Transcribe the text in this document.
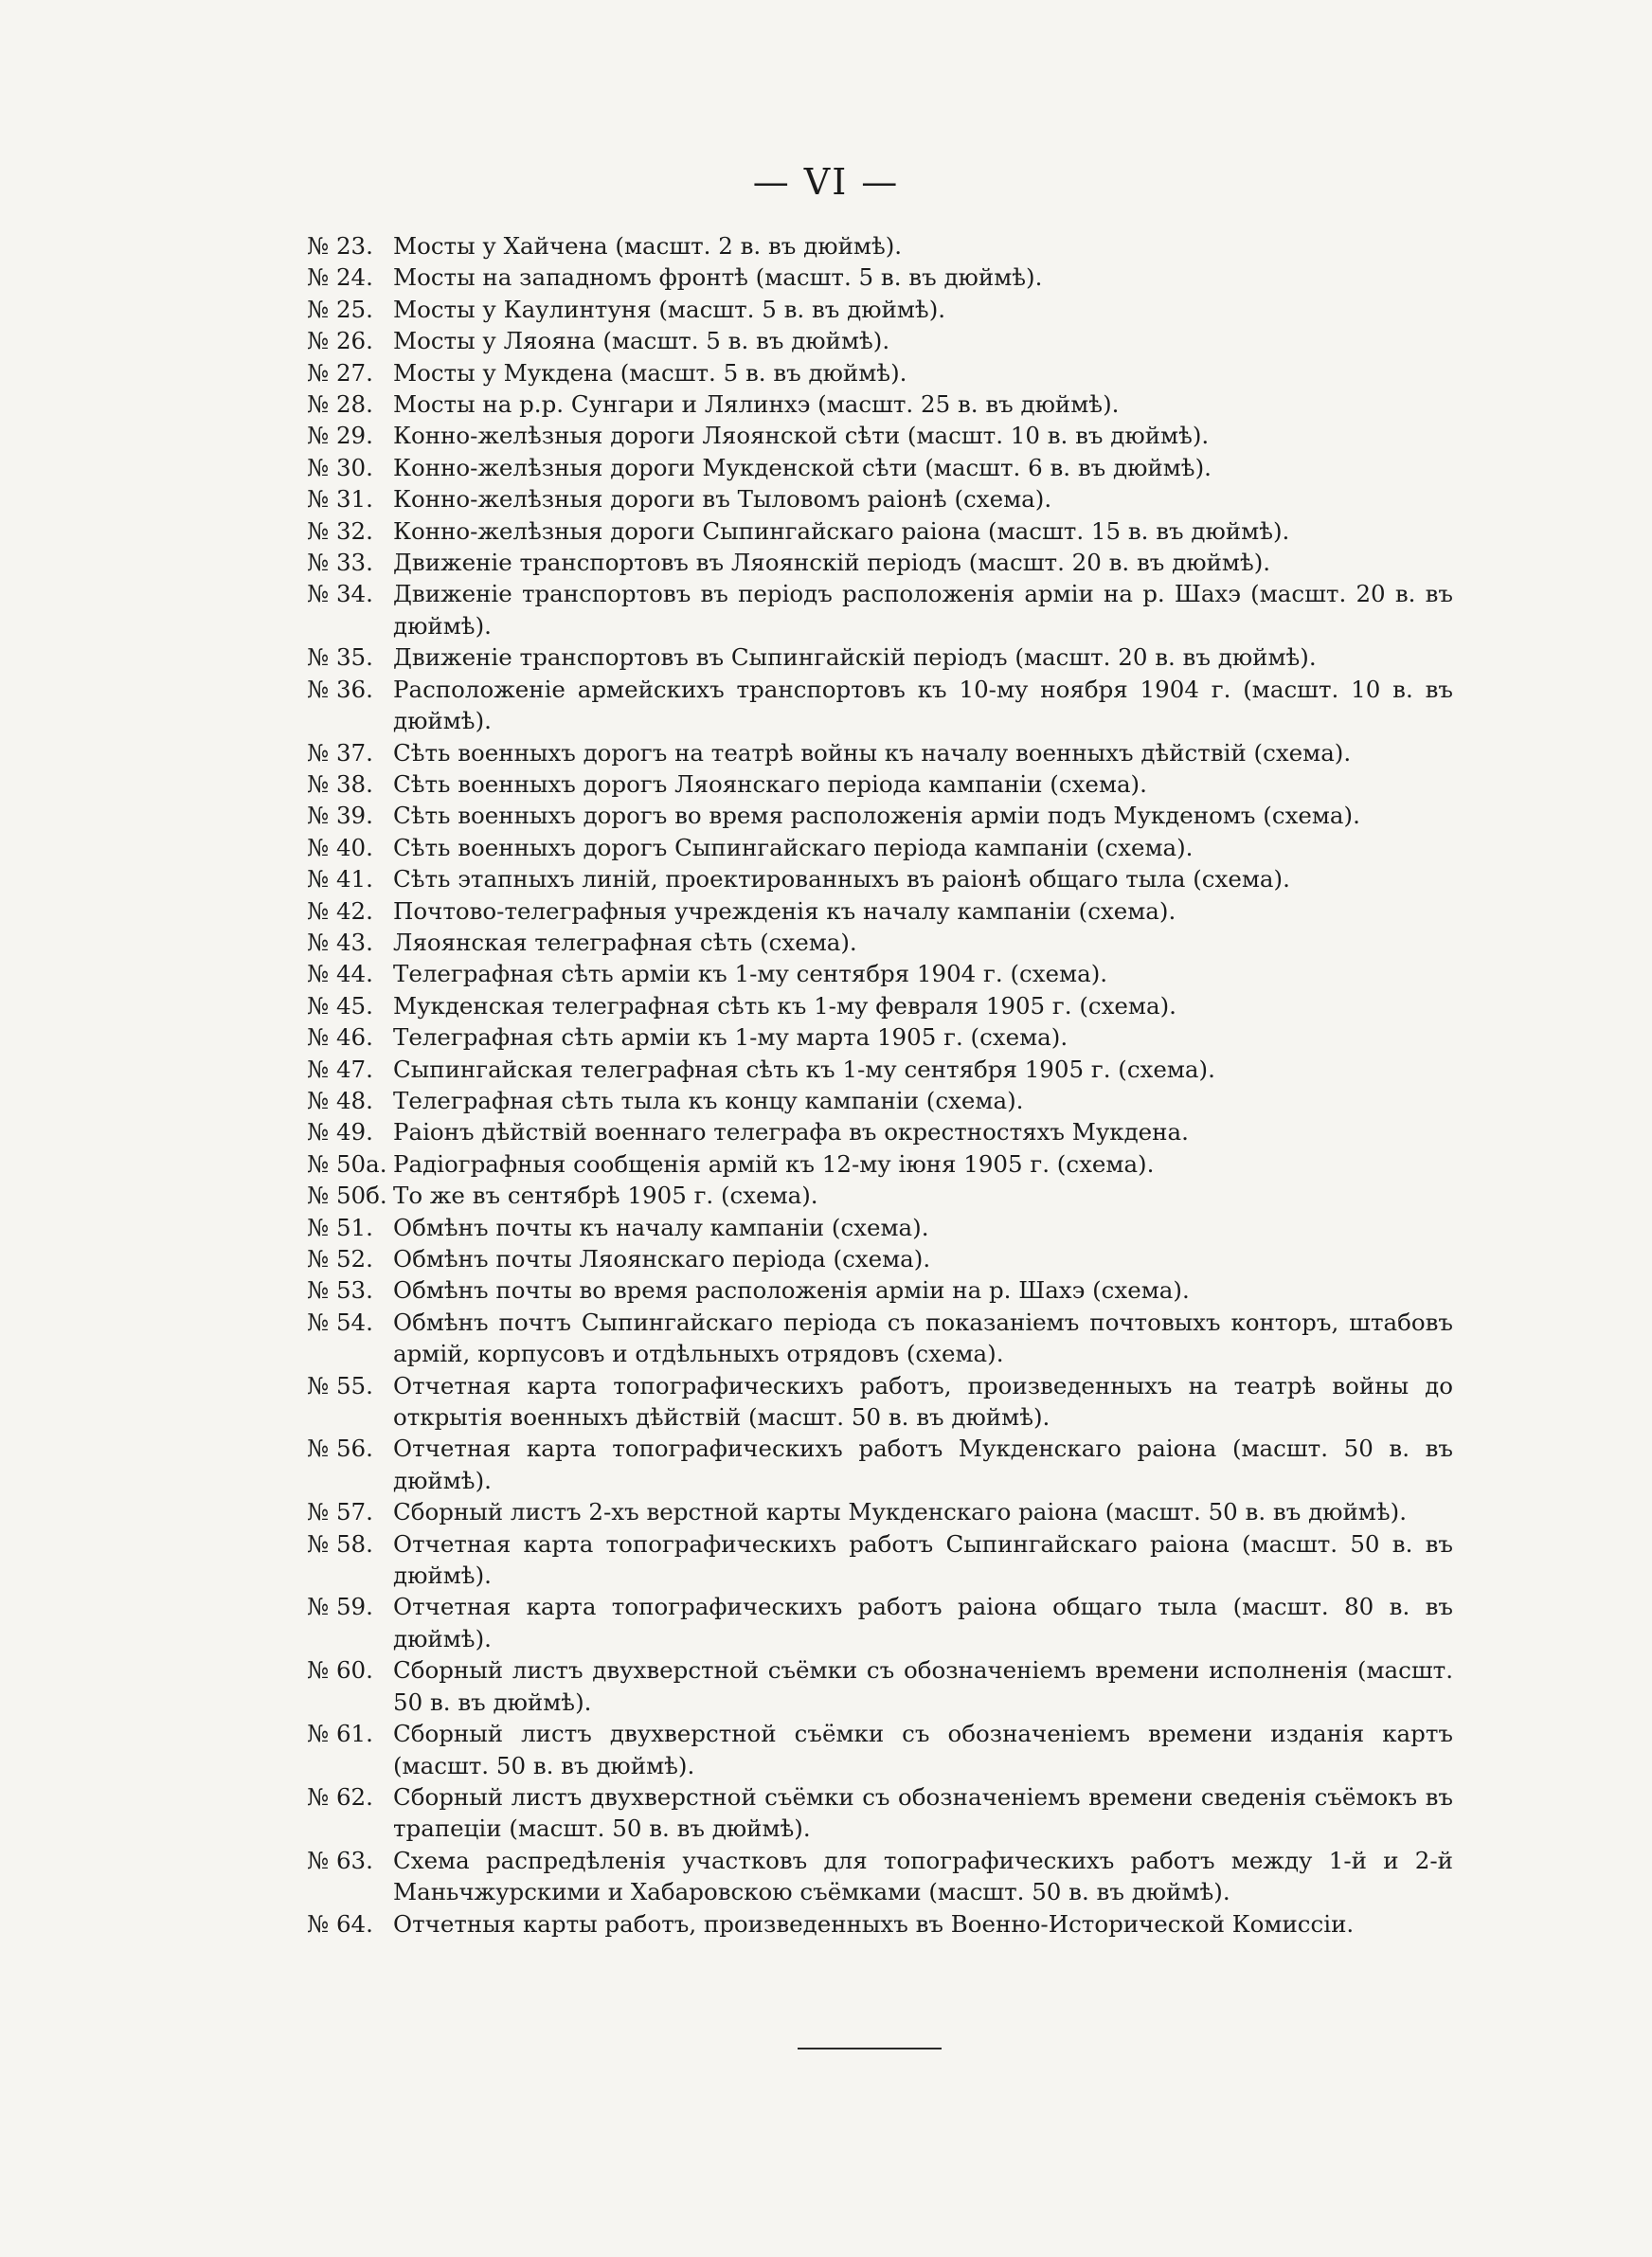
— VI —
№ 23. Мосты у Хайчена (масшт. 2 в. въ дюймѣ).
№ 24. Мосты на западномъ фронтѣ (масшт. 5 в. въ дюймѣ).
№ 25. Мосты у Каулинтуня (масшт. 5 в. въ дюймѣ).
№ 26. Мосты у Ляояна (масшт. 5 в. въ дюймѣ).
№ 27. Мосты у Мукдена (масшт. 5 в. въ дюймѣ).
№ 28. Мосты на р.р. Сунгари и Лялинхэ (масшт. 25 в. въ дюймѣ).
№ 29. Конно-желѣзныя дороги Ляоянской сѣти (масшт. 10 в. въ дюймѣ).
№ 30. Конно-желѣзныя дороги Мукденской сѣти (масшт. 6 в. въ дюймѣ).
№ 31. Конно-желѣзныя дороги въ Тыловомъ раіонѣ (схема).
№ 32. Конно-желѣзныя дороги Сыпингайскаго раіона (масшт. 15 в. въ дюймѣ).
№ 33. Движеніе транспортовъ въ Ляоянскій періодъ (масшт. 20 в. въ дюймѣ).
№ 34. Движеніе транспортовъ въ періодъ расположенія арміи на р. Шахэ (масшт. 20 в. въ дюймѣ).
№ 35. Движеніе транспортовъ въ Сыпингайскій періодъ (масшт. 20 в. въ дюймѣ).
№ 36. Расположеніе армейскихъ транспортовъ къ 10-му ноября 1904 г. (масшт. 10 в. въ дюймѣ).
№ 37. Сѣть военныхъ дорогъ на театрѣ войны къ началу военныхъ дѣйствій (схема).
№ 38. Сѣть военныхъ дорогъ Ляоянскаго періода кампаніи (схема).
№ 39. Сѣть военныхъ дорогъ во время расположенія арміи подъ Мукденомъ (схема).
№ 40. Сѣть военныхъ дорогъ Сыпингайскаго періода кампаніи (схема).
№ 41. Сѣть этапныхъ линій, проектированныхъ въ раіонѣ общаго тыла (схема).
№ 42. Почтово-телеграфныя учрежденія къ началу кампаніи (схема).
№ 43. Ляоянская телеграфная сѣть (схема).
№ 44. Телеграфная сѣть арміи къ 1-му сентября 1904 г. (схема).
№ 45. Мукденская телеграфная сѣть къ 1-му февраля 1905 г. (схема).
№ 46. Телеграфная сѣть арміи къ 1-му марта 1905 г. (схема).
№ 47. Сыпингайская телеграфная сѣть къ 1-му сентября 1905 г. (схема).
№ 48. Телеграфная сѣть тыла къ концу кампаніи (схема).
№ 49. Раіонъ дѣйствій военнаго телеграфа въ окрестностяхъ Мукдена.
№ 50а. Радіографныя сообщенія армій къ 12-му іюня 1905 г. (схема).
№ 50б. То же въ сентябрѣ 1905 г. (схема).
№ 51. Обмѣнъ почты къ началу кампаніи (схема).
№ 52. Обмѣнъ почты Ляоянскаго періода (схема).
№ 53. Обмѣнъ почты во время расположенія арміи на р. Шахэ (схема).
№ 54. Обмѣнъ почтъ Сыпингайскаго періода съ показаніемъ почтовыхъ конторъ, штабовъ армій, корпусовъ и отдѣльныхъ отрядовъ (схема).
№ 55. Отчетная карта топографическихъ работъ, произведенныхъ на театрѣ войны до открытія военныхъ дѣйствій (масшт. 50 в. въ дюймѣ).
№ 56. Отчетная карта топографическихъ работъ Мукденскаго раіона (масшт. 50 в. въ дюймѣ).
№ 57. Сборный листъ 2-хъ верстной карты Мукденскаго раіона (масшт. 50 в. въ дюймѣ).
№ 58. Отчетная карта топографическихъ работъ Сыпингайскаго раіона (масшт. 50 в. въ дюймѣ).
№ 59. Отчетная карта топографическихъ работъ раіона общаго тыла (масшт. 80 в. въ дюймѣ).
№ 60. Сборный листъ двухверстной съёмки съ обозначеніемъ времени исполненія (масшт. 50 в. въ дюймѣ).
№ 61. Сборный листъ двухверстной съёмки съ обозначеніемъ времени изданія картъ (масшт. 50 в. въ дюймѣ).
№ 62. Сборный листъ двухверстной съёмки съ обозначеніемъ времени сведенія съёмокъ въ трапеціи (масшт. 50 в. въ дюймѣ).
№ 63. Схема распредѣленія участковъ для топографическихъ работъ между 1-й и 2-й Маньчжурскими и Хабаровскою съёмками (масшт. 50 в. въ дюймѣ).
№ 64. Отчетныя карты работъ, произведенныхъ въ Военно-Исторической Комиссіи.
